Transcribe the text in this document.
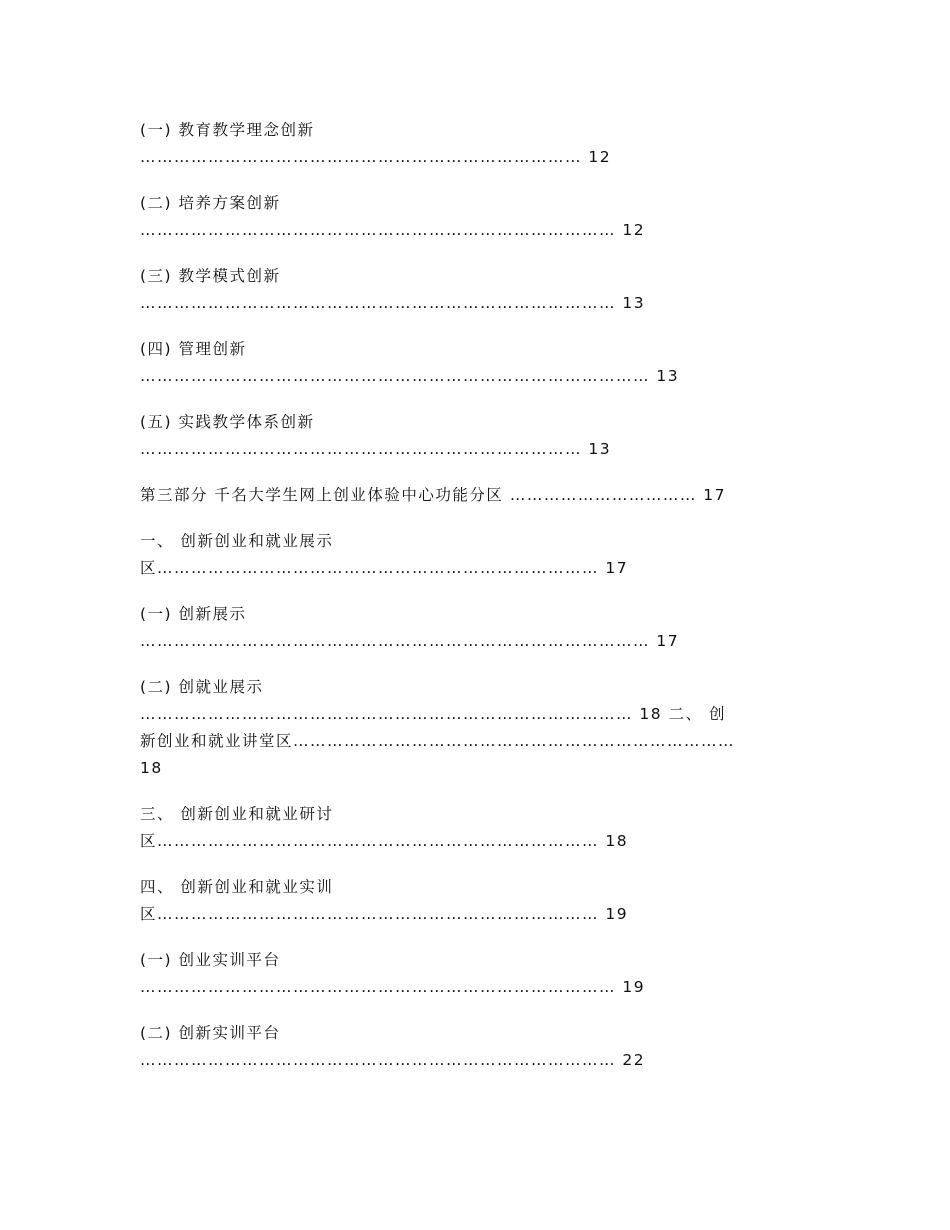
(一) 教育教学理念创新
…………………………………………………………………… 12
(二) 培养方案创新
………………………………………………………………………… 12
(三) 教学模式创新
………………………………………………………………………… 13
(四) 管理创新
……………………………………………………………………………… 13
(五) 实践教学体系创新
…………………………………………………………………… 13
第三部分 千名大学生网上创业体验中心功能分区 …………………………… 17
一、 创新创业和就业展示
区…………………………………………………………………… 17
(一) 创新展示
……………………………………………………………………………… 17
(二) 创就业展示
…………………………………………………………………………… 18 二、 创
新创业和就业讲堂区……………………………………………………………………
18
三、 创新创业和就业研讨
区…………………………………………………………………… 18
四、 创新创业和就业实训
区…………………………………………………………………… 19
(一) 创业实训平台
………………………………………………………………………… 19
(二) 创新实训平台
………………………………………………………………………… 22
